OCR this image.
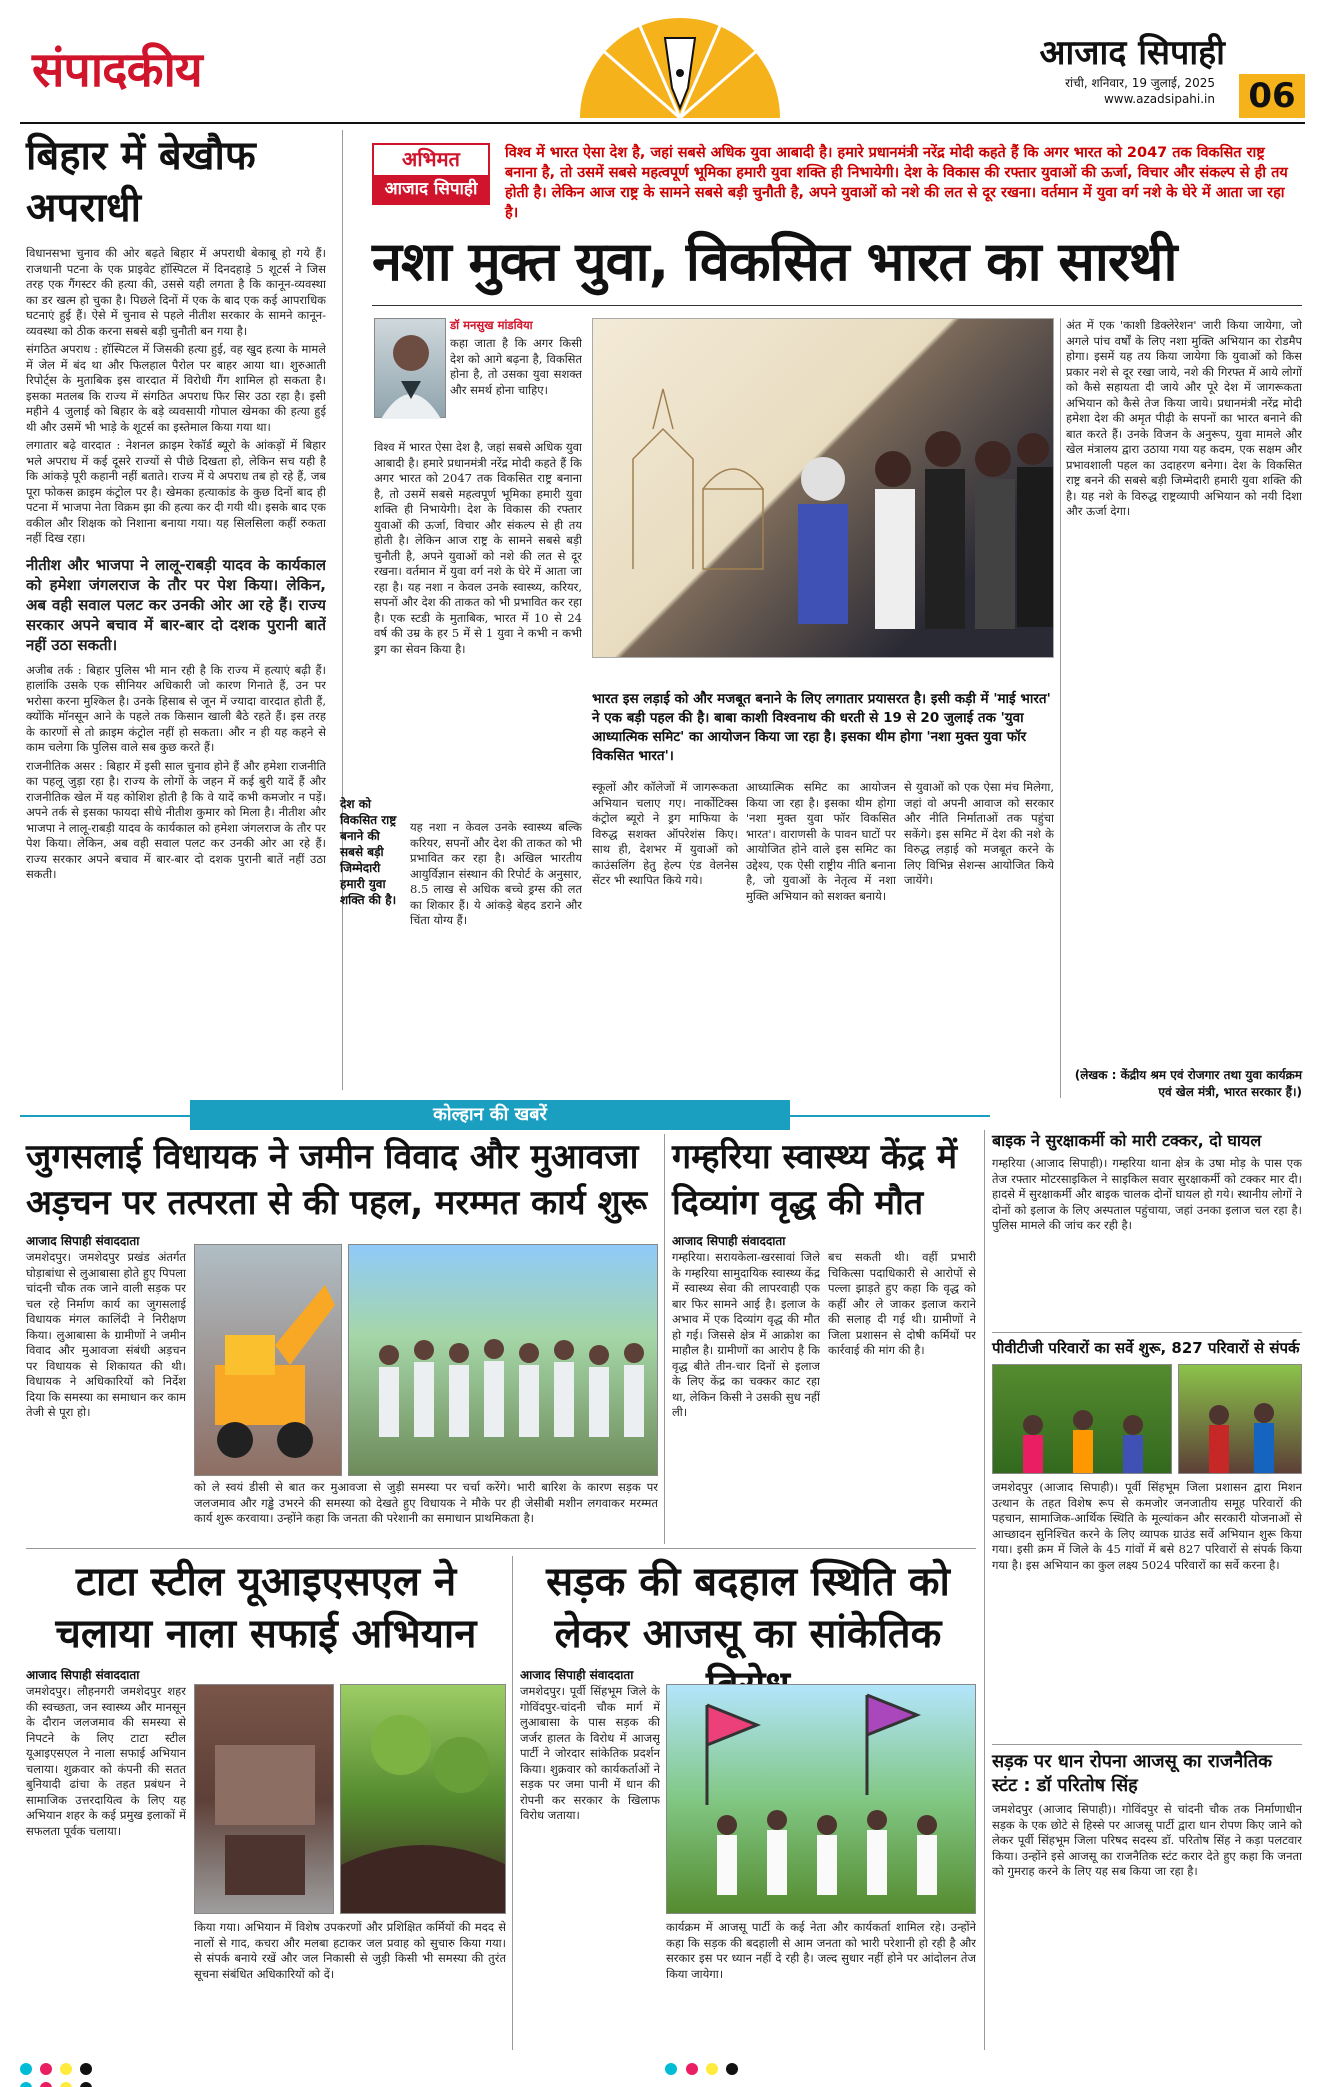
संपादकीय	आजाद सिपाही
रांची, शनिवार, 19 जुलाई, 2025
www.azadsipahi.in 06
बिहार में बेखौफ अपराधी

विधानसभा चुनाव की ओर बढ़ते बिहार में अपराधी बेकाबू हो गये हैं। राजधानी पटना के एक प्राइवेट हॉस्पिटल में दिनदहाड़े 5 शूटर्स ने जिस तरह एक गैंगस्टर की हत्या की, उससे यही लगता है कि कानून-व्यवस्था का डर खत्म हो चुका है। पिछले दिनों में एक के बाद एक कई आपराधिक घटनाएं हुई हैं। ऐसे में चुनाव से पहले नीतीश सरकार के सामने कानून-व्यवस्था को ठीक करना सबसे बड़ी चुनौती बन गया है।

संगठित अपराध : हॉस्पिटल में जिसकी हत्या हुई, वह खुद हत्या के मामले में जेल में बंद था और फिलहाल पैरोल पर बाहर आया था। शुरुआती रिपोर्ट्स के मुताबिक इस वारदात में विरोधी गैंग शामिल हो सकता है। इसका मतलब कि राज्य में संगठित अपराध फिर सिर उठा रहा है। इसी महीने 4 जुलाई को बिहार के बड़े व्यवसायी गोपाल खेमका की हत्या हुई थी और उसमें भी भाड़े के शूटर्स का इस्तेमाल किया गया था।

लगातार बढ़े वारदात : नेशनल क्राइम रेकॉर्ड ब्यूरो के आंकड़ों में बिहार भले अपराध में कई दूसरे राज्यों से पीछे दिखता हो, लेकिन सच यही है कि आंकड़े पूरी कहानी नहीं बताते। राज्य में ये अपराध तब हो रहे हैं, जब पूरा फोकस क्राइम कंट्रोल पर है। खेमका हत्याकांड के कुछ दिनों बाद ही पटना में भाजपा नेता विक्रम झा की हत्या कर दी गयी थी। इसके बाद एक वकील और शिक्षक को निशाना बनाया गया। यह सिलसिला कहीं रुकता नहीं दिख रहा।

नीतीश और भाजपा ने लालू-राबड़ी यादव के कार्यकाल को हमेशा जंगलराज के तौर पर पेश किया। लेकिन, अब वही सवाल पलट कर उनकी ओर आ रहे हैं। राज्य सरकार अपने बचाव में बार-बार दो दशक पुरानी बातें नहीं उठा सकती।

अजीब तर्क : बिहार पुलिस भी मान रही है कि राज्य में हत्याएं बढ़ी हैं। हालांकि उसके एक सीनियर अधिकारी जो कारण गिनाते हैं, उन पर भरोसा करना मुश्किल है। उनके हिसाब से जून में ज्यादा वारदात होती हैं, क्योंकि मॉनसून आने के पहले तक किसान खाली बैठे रहते हैं। इस तरह के कारणों से तो क्राइम कंट्रोल नहीं हो सकता। और न ही यह कहने से काम चलेगा कि पुलिस वाले सब कुछ करते हैं।

राजनीतिक असर : बिहार में इसी साल चुनाव होने हैं और हमेशा राजनीति का पहलू जुड़ा रहा है। राज्य के लोगों के जहन में कई बुरी यादें हैं और राजनीतिक खेल में यह कोशिश होती है कि वे यादें कभी कमजोर न पड़ें। अपने तर्क से इसका फायदा सीधे नीतीश कुमार को मिला है। नीतीश और भाजपा ने लालू-राबड़ी यादव के कार्यकाल को हमेशा जंगलराज के तौर पर पेश किया। लेकिन, अब वही सवाल पलट कर उनकी ओर आ रहे हैं। राज्य सरकार अपने बचाव में बार-बार दो दशक पुरानी बातें नहीं उठा सकती।

अभिमत
आजाद सिपाही
विश्व में भारत ऐसा देश है, जहां सबसे अधिक युवा आबादी है। हमारे प्रधानमंत्री नरेंद्र मोदी कहते हैं कि अगर भारत को 2047 तक विकसित राष्ट्र बनाना है, तो उसमें सबसे महत्वपूर्ण भूमिका हमारी युवा शक्ति ही निभायेगी। देश के विकास की रफ्तार युवाओं की ऊर्जा, विचार और संकल्प से ही तय होती है। लेकिन आज राष्ट्र के सामने सबसे बड़ी चुनौती है, अपने युवाओं को नशे की लत से दूर रखना। वर्तमान में युवा वर्ग नशे के घेरे में आता जा रहा है।
नशा मुक्त युवा, विकसित भारत का सारथी
डॉ मनसुख मांडविया
कहा जाता है कि अगर किसी देश को आगे बढ़ना है, विकसित होना है, तो उसका युवा सशक्त और समर्थ होना चाहिए।
विश्व में भारत ऐसा देश है, जहां सबसे अधिक युवा आबादी है। हमारे प्रधानमंत्री नरेंद्र मोदी कहते हैं कि अगर भारत को 2047 तक विकसित राष्ट्र बनाना है, तो उसमें सबसे महत्वपूर्ण भूमिका हमारी युवा शक्ति ही निभायेगी। देश के विकास की रफ्तार युवाओं की ऊर्जा, विचार और संकल्प से ही तय होती है। लेकिन आज राष्ट्र के सामने सबसे बड़ी चुनौती है, अपने युवाओं को नशे की लत से दूर रखना। वर्तमान में युवा वर्ग नशे के घेरे में आता जा रहा है। यह नशा न केवल उनके स्वास्थ्य, करियर, सपनों और देश की ताकत को भी प्रभावित कर रहा है। एक स्टडी के मुताबिक, भारत में 10 से 24 वर्ष की उम्र के हर 5 में से 1 युवा ने कभी न कभी ड्रग का सेवन किया है।
भारत इस लड़ाई को और मजबूत बनाने के लिए लगातार प्रयासरत है। इसी कड़ी में 'माई भारत' ने एक बड़ी पहल की है। बाबा काशी विश्वनाथ की धरती से 19 से 20 जुलाई तक 'युवा आध्यात्मिक समिट' का आयोजन किया जा रहा है। इसका थीम होगा 'नशा मुक्त युवा फॉर विकसित भारत'।
अंत में एक 'काशी डिक्लेरेशन' जारी किया जायेगा, जो अगले पांच वर्षों के लिए नशा मुक्ति अभियान का रोडमैप होगा। इसमें यह तय किया जायेगा कि युवाओं को किस प्रकार नशे से दूर रखा जाये, नशे की गिरफ्त में आये लोगों को कैसे सहायता दी जाये और पूरे देश में जागरूकता अभियान को कैसे तेज किया जाये। प्रधानमंत्री नरेंद्र मोदी हमेशा देश की अमृत पीढ़ी के सपनों का भारत बनाने की बात करते हैं। उनके विजन के अनुरूप, युवा मामले और खेल मंत्रालय द्वारा उठाया गया यह कदम, एक सक्षम और प्रभावशाली पहल का उदाहरण बनेगा। देश के विकसित राष्ट्र बनने की सबसे बड़ी जिम्मेदारी हमारी युवा शक्ति की है। यह नशे के विरुद्ध राष्ट्रव्यापी अभियान को नयी दिशा और ऊर्जा देगा।
देश को विकसित राष्ट्र बनाने की सबसे बड़ी जिम्मेदारी हमारी युवा शक्ति की है।
यह नशा न केवल उनके स्वास्थ्य बल्कि करियर, सपनों और देश की ताकत को भी प्रभावित कर रहा है। अखिल भारतीय आयुर्विज्ञान संस्थान की रिपोर्ट के अनुसार, 8.5 लाख से अधिक बच्चे ड्रग्स की लत का शिकार हैं। ये आंकड़े बेहद डराने और चिंता योग्य हैं।
स्कूलों और कॉलेजों में जागरूकता अभियान चलाए गए। नार्कोटिक्स कंट्रोल ब्यूरो ने ड्रग माफिया के विरुद्ध सशक्त ऑपरेशंस किए। साथ ही, देशभर में युवाओं को काउंसलिंग हेतु हेल्प एंड वेलनेस सेंटर भी स्थापित किये गये।
आध्यात्मिक समिट का आयोजन किया जा रहा है। इसका थीम होगा 'नशा मुक्त युवा फॉर विकसित भारत'। वाराणसी के पावन घाटों पर आयोजित होने वाले इस समिट का उद्देश्य, एक ऐसी राष्ट्रीय नीति बनाना है, जो युवाओं के नेतृत्व में नशा मुक्ति अभियान को सशक्त बनाये।
से युवाओं को एक ऐसा मंच मिलेगा, जहां वो अपनी आवाज को सरकार और नीति निर्माताओं तक पहुंचा सकेंगे। इस समिट में देश की नशे के विरुद्ध लड़ाई को मजबूत करने के लिए विभिन्न सेशन्स आयोजित किये जायेंगे।
(लेखक : केंद्रीय श्रम एवं रोजगार तथा युवा कार्यक्रम एवं खेल मंत्री, भारत सरकार हैं।)
कोल्हान की खबरें
जुगसलाई विधायक ने जमीन विवाद और मुआवजा अड़चन पर तत्परता से की पहल, मरम्मत कार्य शुरू
आजाद सिपाही संवाददाता
जमशेदपुर। जमशेदपुर प्रखंड अंतर्गत घोड़ाबांधा से लुआबासा होते हुए पिपला चांदनी चौक तक जाने वाली सड़क पर चल रहे निर्माण कार्य का जुगसलाई विधायक मंगल कालिंदी ने निरीक्षण किया। लुआबासा के ग्रामीणों ने जमीन विवाद और मुआवजा संबंधी अड़चन पर विधायक से शिकायत की थी। विधायक ने अधिकारियों को निर्देश दिया कि समस्या का समाधान कर काम तेजी से पूरा हो।
को ले स्वयं डीसी से बात कर मुआवजा से जुड़ी समस्या पर चर्चा करेंगे। भारी बारिश के कारण सड़क पर जलजमाव और गड्ढे उभरने की समस्या को देखते हुए विधायक ने मौके पर ही जेसीबी मशीन लगवाकर मरम्मत कार्य शुरू करवाया। उन्होंने कहा कि जनता की परेशानी का समाधान प्राथमिकता है।
गम्हरिया स्वास्थ्य केंद्र में दिव्यांग वृद्ध की मौत
आजाद सिपाही संवाददाता
गम्हरिया। सरायकेला-खरसावां जिले के गम्हरिया सामुदायिक स्वास्थ्य केंद्र में स्वास्थ्य सेवा की लापरवाही एक बार फिर सामने आई है। इलाज के अभाव में एक दिव्यांग वृद्ध की मौत हो गई। जिससे क्षेत्र में आक्रोश का माहौल है। ग्रामीणों का आरोप है कि वृद्ध बीते तीन-चार दिनों से इलाज के लिए केंद्र का चक्कर काट रहा था, लेकिन किसी ने उसकी सुध नहीं ली।
बच सकती थी। वहीं प्रभारी चिकित्सा पदाधिकारी से आरोपों से पल्ला झाड़ते हुए कहा कि वृद्ध को कहीं और ले जाकर इलाज कराने की सलाह दी गई थी। ग्रामीणों ने जिला प्रशासन से दोषी कर्मियों पर कार्रवाई की मांग की है।
बाइक ने सुरक्षाकर्मी को मारी टक्कर, दो घायल
गम्हरिया (आजाद सिपाही)। गम्हरिया थाना क्षेत्र के उषा मोड़ के पास एक तेज रफ्तार मोटरसाइकिल ने साइकिल सवार सुरक्षाकर्मी को टक्कर मार दी। हादसे में सुरक्षाकर्मी और बाइक चालक दोनों घायल हो गये। स्थानीय लोगों ने दोनों को इलाज के लिए अस्पताल पहुंचाया, जहां उनका इलाज चल रहा है। पुलिस मामले की जांच कर रही है।
पीवीटीजी परिवारों का सर्वे शुरू, 827 परिवारों से संपर्क
जमशेदपुर (आजाद सिपाही)। पूर्वी सिंहभूम जिला प्रशासन द्वारा मिशन उत्थान के तहत विशेष रूप से कमजोर जनजातीय समूह परिवारों की पहचान, सामाजिक-आर्थिक स्थिति के मूल्यांकन और सरकारी योजनाओं से आच्छादन सुनिश्चित करने के लिए व्यापक ग्राउंड सर्वे अभियान शुरू किया गया। इसी क्रम में जिले के 45 गांवों में बसे 827 परिवारों से संपर्क किया गया है। इस अभियान का कुल लक्ष्य 5024 परिवारों का सर्वे करना है।
सड़क पर धान रोपना आजसू का राजनैतिक स्टंट : डॉ परितोष सिंह
जमशेदपुर (आजाद सिपाही)। गोविंदपुर से चांदनी चौक तक निर्माणाधीन सड़क के एक छोटे से हिस्से पर आजसू पार्टी द्वारा धान रोपण किए जाने को लेकर पूर्वी सिंहभूम जिला परिषद सदस्य डॉ. परितोष सिंह ने कड़ा पलटवार किया। उन्होंने इसे आजसू का राजनैतिक स्टंट करार देते हुए कहा कि जनता को गुमराह करने के लिए यह सब किया जा रहा है।
टाटा स्टील यूआइएसएल ने चलाया नाला सफाई अभियान
आजाद सिपाही संवाददाता
जमशेदपुर। लौहनगरी जमशेदपुर शहर की स्वच्छता, जन स्वास्थ्य और मानसून के दौरान जलजमाव की समस्या से निपटने के लिए टाटा स्टील यूआइएसएल ने नाला सफाई अभियान चलाया। शुक्रवार को कंपनी की सतत बुनियादी ढांचा के तहत प्रबंधन ने सामाजिक उत्तरदायित्व के लिए यह अभियान शहर के कई प्रमुख इलाकों में सफलता पूर्वक चलाया।
किया गया। अभियान में विशेष उपकरणों और प्रशिक्षित कर्मियों की मदद से नालों से गाद, कचरा और मलबा हटाकर जल प्रवाह को सुचारु किया गया। से संपर्क बनाये रखें और जल निकासी से जुड़ी किसी भी समस्या की तुरंत सूचना संबंधित अधिकारियों को दें।
सड़क की बदहाल स्थिति को लेकर आजसू का सांकेतिक
आजाद सिपाही संवाददाता
जमशेदपुर। पूर्वी सिंहभूम जिले के गोविंदपुर-चांदनी चौक मार्ग में लुआबासा के पास सड़क की जर्जर हालत के विरोध में आजसू पार्टी ने जोरदार सांकेतिक प्रदर्शन किया। शुक्रवार को कार्यकर्ताओं ने सड़क पर जमा पानी में धान की रोपनी कर सरकार के खिलाफ विरोध जताया।
कार्यक्रम में आजसू पार्टी के कई नेता और कार्यकर्ता शामिल रहे। उन्होंने कहा कि सड़क की बदहाली से आम जनता को भारी परेशानी हो रही है और सरकार इस पर ध्यान नहीं दे रही है। जल्द सुधार नहीं होने पर आंदोलन तेज किया जायेगा।
